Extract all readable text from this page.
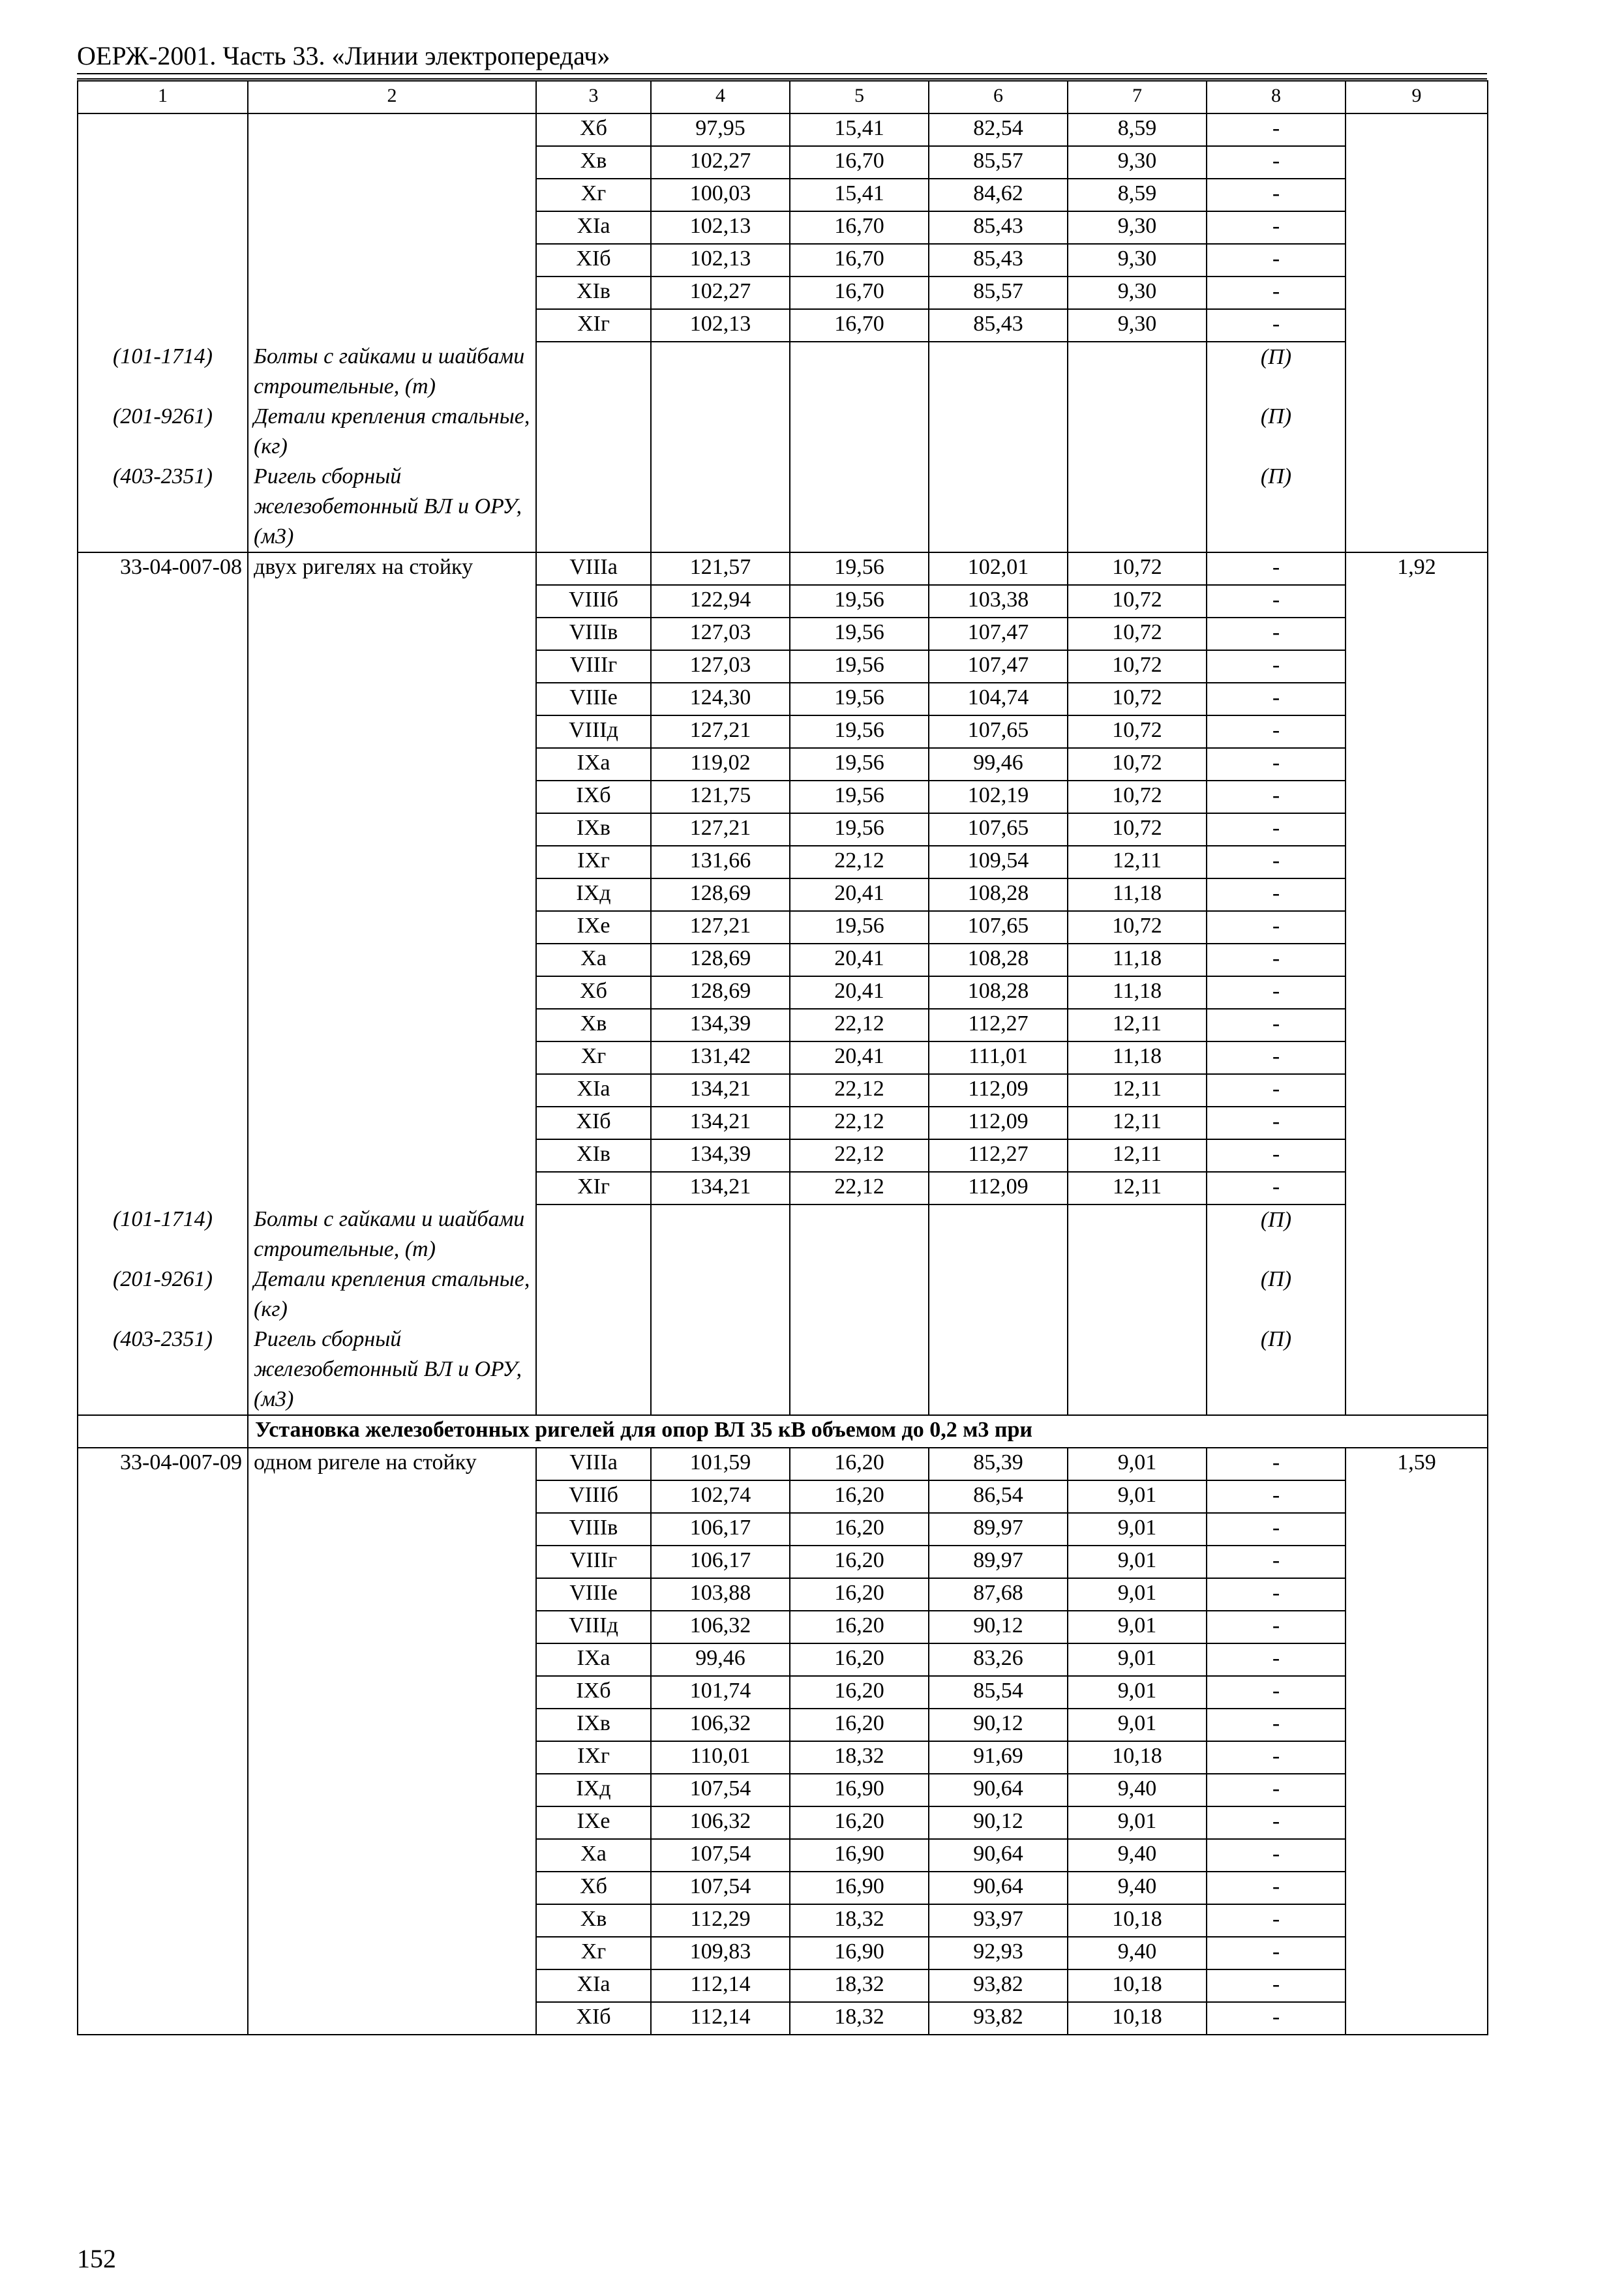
ОЕРЖ-2001. Часть 33. «Линии электропередач»
1	2	3	4	5	6	7	8	9
		Хб	97,95	15,41	82,54	8,59	-	
		Хв	102,27	16,70	85,57	9,30	-	
		Хг	100,03	15,41	84,62	8,59	-	
		XIа	102,13	16,70	85,43	9,30	-	
		XIб	102,13	16,70	85,43	9,30	-	
		XIв	102,27	16,70	85,57	9,30	-	
		XIг	102,13	16,70	85,43	9,30	-	
(101-1714)	Болты с гайками и шайбами строительные, (т)						(П)	
(201-9261)	Детали крепления стальные, (кг)						(П)	
(403-2351)	Ригель сборный железобетонный ВЛ и ОРУ, (м3)						(П)	
33-04-007-08	двух ригелях на стойку	VIIIа	121,57	19,56	102,01	10,72	-	1,92
		VIIIб	122,94	19,56	103,38	10,72	-	
		VIIIв	127,03	19,56	107,47	10,72	-	
		VIIIг	127,03	19,56	107,47	10,72	-	
		VIIIе	124,30	19,56	104,74	10,72	-	
		VIIIд	127,21	19,56	107,65	10,72	-	
		IXа	119,02	19,56	99,46	10,72	-	
		IXб	121,75	19,56	102,19	10,72	-	
		IXв	127,21	19,56	107,65	10,72	-	
		IXг	131,66	22,12	109,54	12,11	-	
		IXд	128,69	20,41	108,28	11,18	-	
		IXе	127,21	19,56	107,65	10,72	-	
		Ха	128,69	20,41	108,28	11,18	-	
		Хб	128,69	20,41	108,28	11,18	-	
		Хв	134,39	22,12	112,27	12,11	-	
		Хг	131,42	20,41	111,01	11,18	-	
		XIа	134,21	22,12	112,09	12,11	-	
		XIб	134,21	22,12	112,09	12,11	-	
		XIв	134,39	22,12	112,27	12,11	-	
		XIг	134,21	22,12	112,09	12,11	-	
(101-1714)	Болты с гайками и шайбами строительные, (т)						(П)	
(201-9261)	Детали крепления стальные, (кг)						(П)	
(403-2351)	Ригель сборный железобетонный ВЛ и ОРУ, (м3)						(П)	
	Установка железобетонных ригелей для опор ВЛ 35 кВ объемом до 0,2 м3 при							
33-04-007-09	одном ригеле на стойку	VIIIа	101,59	16,20	85,39	9,01	-	1,59
		VIIIб	102,74	16,20	86,54	9,01	-	
		VIIIв	106,17	16,20	89,97	9,01	-	
		VIIIг	106,17	16,20	89,97	9,01	-	
		VIIIе	103,88	16,20	87,68	9,01	-	
		VIIIд	106,32	16,20	90,12	9,01	-	
		IXа	99,46	16,20	83,26	9,01	-	
		IXб	101,74	16,20	85,54	9,01	-	
		IXв	106,32	16,20	90,12	9,01	-	
		IXг	110,01	18,32	91,69	10,18	-	
		IXд	107,54	16,90	90,64	9,40	-	
		IXе	106,32	16,20	90,12	9,01	-	
		Ха	107,54	16,90	90,64	9,40	-	
		Хб	107,54	16,90	90,64	9,40	-	
		Хв	112,29	18,32	93,97	10,18	-	
		Хг	109,83	16,90	92,93	9,40	-	
		XIа	112,14	18,32	93,82	10,18	-	
		XIб	112,14	18,32	93,82	10,18	-	
152
